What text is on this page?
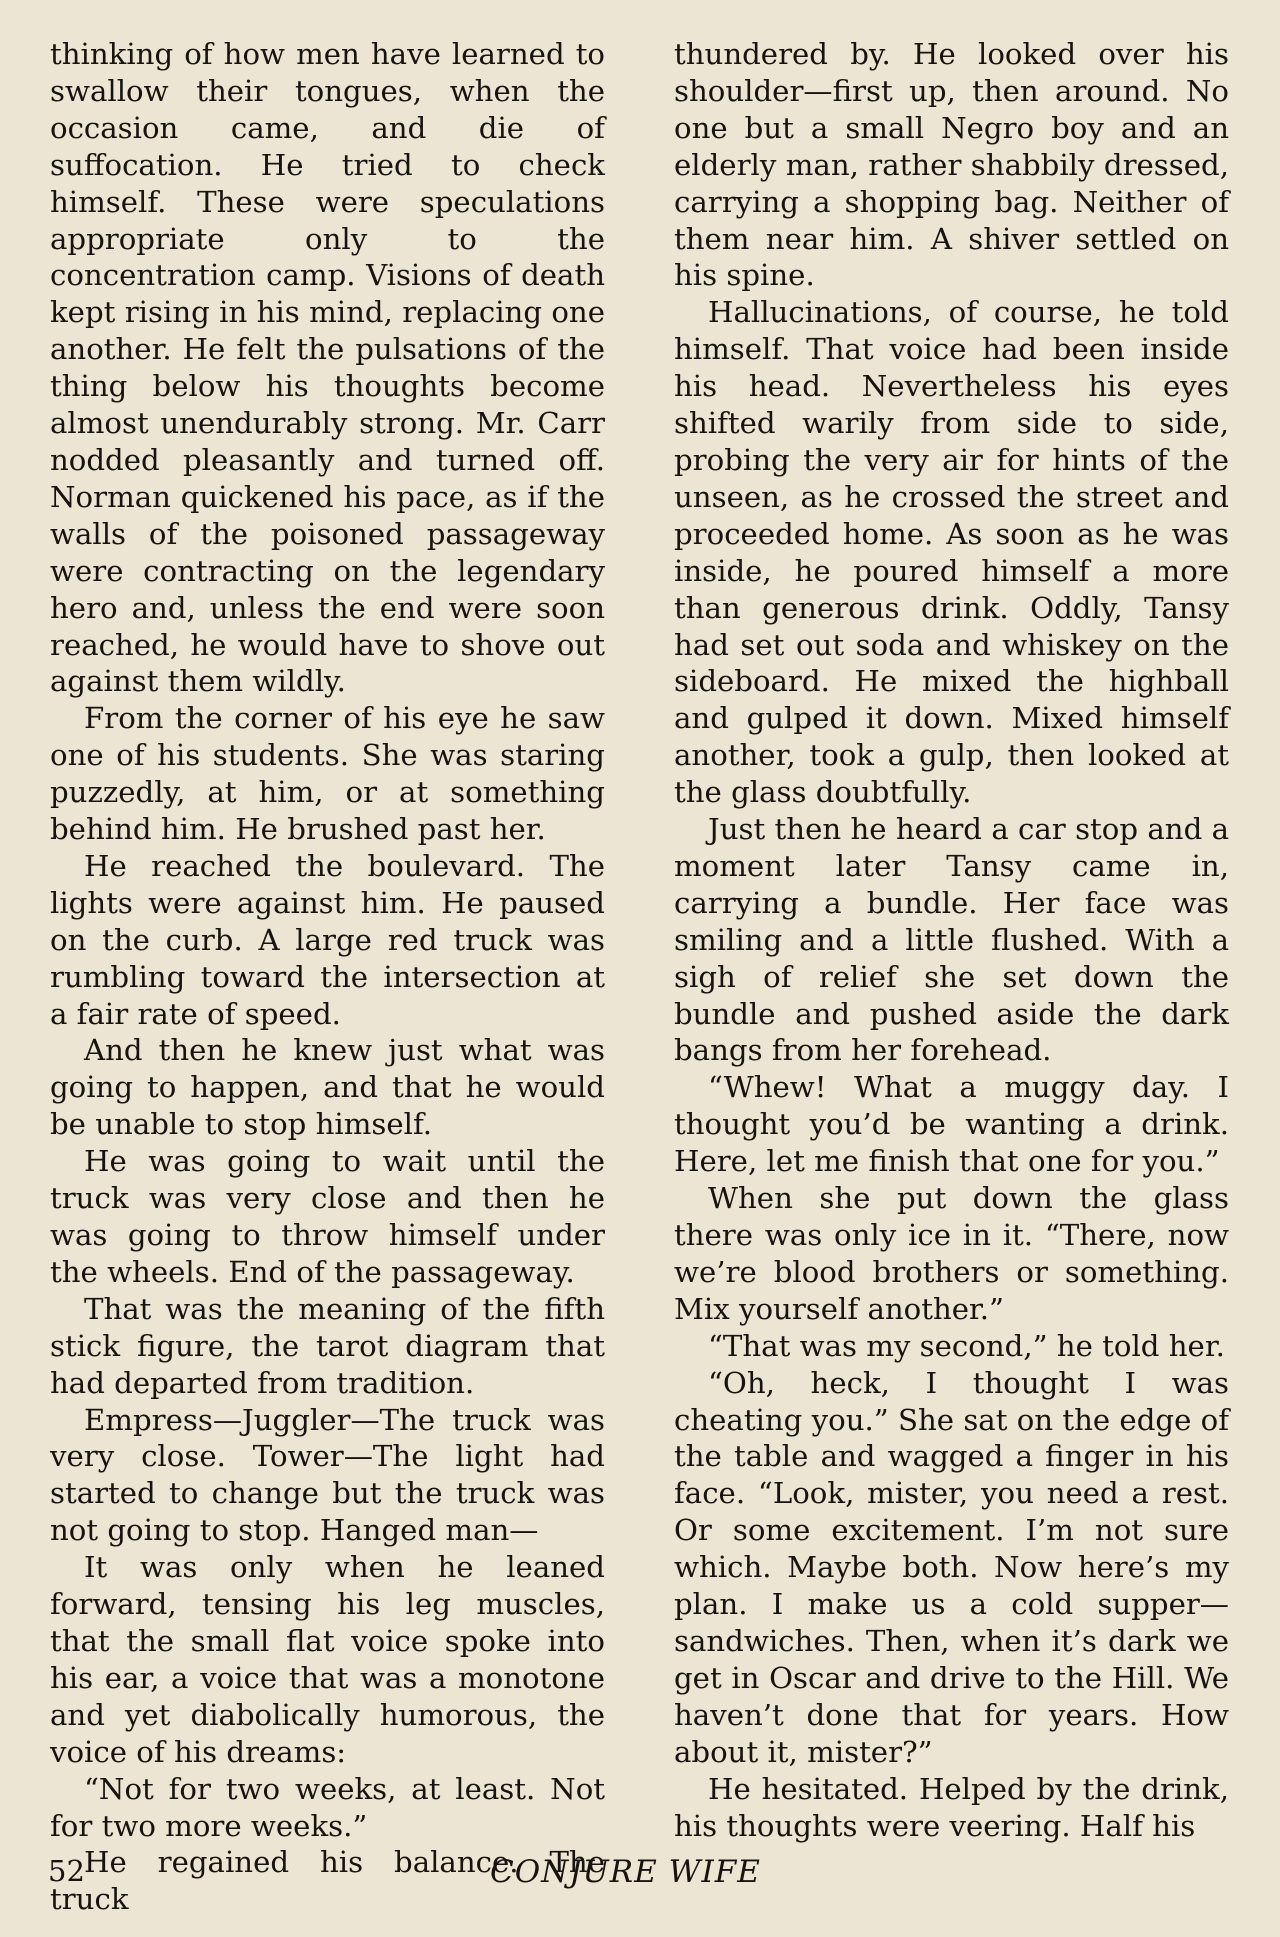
thinking of how men have learned to swallow their tongues, when the occasion came, and die of suffocation. He tried to check himself. These were speculations appropriate only to the concentration camp. Visions of death kept rising in his mind, replacing one another. He felt the pulsations of the thing below his thoughts become almost unendurably strong. Mr. Carr nodded pleasantly and turned off. Norman quickened his pace, as if the walls of the poisoned passageway were contracting on the legendary hero and, unless the end were soon reached, he would have to shove out against them wildly.

From the corner of his eye he saw one of his students. She was staring puzzedly, at him, or at something behind him. He brushed past her.

He reached the boulevard. The lights were against him. He paused on the curb. A large red truck was rumbling toward the intersection at a fair rate of speed.

And then he knew just what was going to happen, and that he would be unable to stop himself.

He was going to wait until the truck was very close and then he was going to throw himself under the wheels. End of the passageway.

That was the meaning of the fifth stick figure, the tarot diagram that had departed from tradition.

Empress—Juggler—The truck was very close. Tower—The light had started to change but the truck was not going to stop. Hanged man—

It was only when he leaned forward, tensing his leg muscles, that the small flat voice spoke into his ear, a voice that was a monotone and yet diabolically humorous, the voice of his dreams:

“Not for two weeks, at least. Not for two more weeks.”

He regained his balance. The truck

thundered by. He looked over his shoulder—first up, then around. No one but a small Negro boy and an elderly man, rather shabbily dressed, carrying a shopping bag. Neither of them near him. A shiver settled on his spine.

Hallucinations, of course, he told himself. That voice had been inside his head. Nevertheless his eyes shifted warily from side to side, probing the very air for hints of the unseen, as he crossed the street and proceeded home. As soon as he was inside, he poured himself a more than generous drink. Oddly, Tansy had set out soda and whiskey on the sideboard. He mixed the highball and gulped it down. Mixed himself another, took a gulp, then looked at the glass doubtfully.

Just then he heard a car stop and a moment later Tansy came in, carrying a bundle. Her face was smiling and a little flushed. With a sigh of relief she set down the bundle and pushed aside the dark bangs from her forehead.

“Whew! What a muggy day. I thought you’d be wanting a drink. Here, let me finish that one for you.”

When she put down the glass there was only ice in it. “There, now we’re blood brothers or something. Mix yourself another.”

“That was my second,” he told her.

“Oh, heck, I thought I was cheating you.” She sat on the edge of the table and wagged a finger in his face. “Look, mister, you need a rest. Or some excitement. I’m not sure which. Maybe both. Now here’s my plan. I make us a cold supper—sandwiches. Then, when it’s dark we get in Oscar and drive to the Hill. We haven’t done that for years. How about it, mister?”

He hesitated. Helped by the drink, his thoughts were veering. Half his

52	CONJURE WIFE
